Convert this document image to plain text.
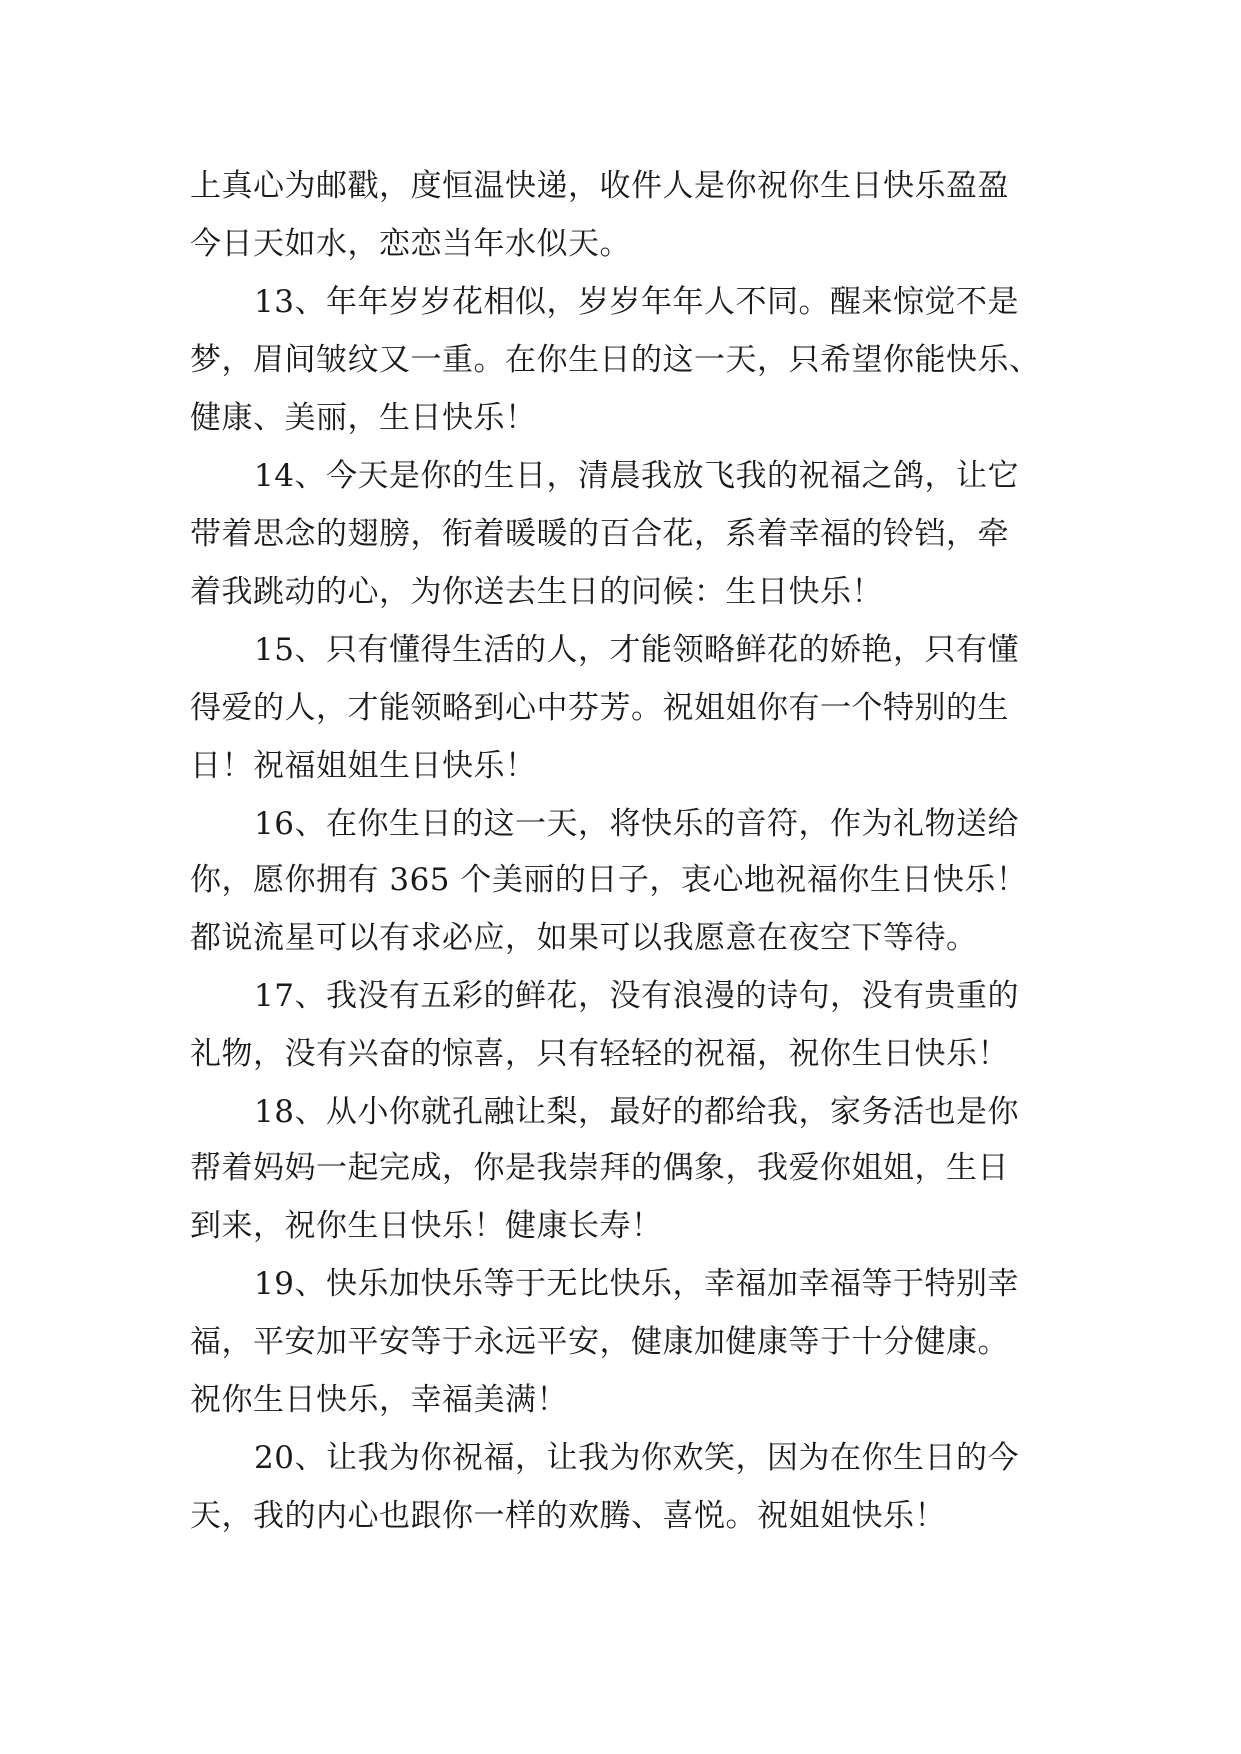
上真心为邮戳，度恒温快递，收件人是你祝你生日快乐盈盈
今日天如水，恋恋当年水似天。
13、年年岁岁花相似，岁岁年年人不同。醒来惊觉不是
梦，眉间皱纹又一重。在你生日的这一天，只希望你能快乐、
健康、美丽，生日快乐！
14、今天是你的生日，清晨我放飞我的祝福之鸽，让它
带着思念的翅膀，衔着暖暖的百合花，系着幸福的铃铛，牵
着我跳动的心，为你送去生日的问候：生日快乐！
15、只有懂得生活的人，才能领略鲜花的娇艳，只有懂
得爱的人，才能领略到心中芬芳。祝姐姐你有一个特别的生
日！祝福姐姐生日快乐！
16、在你生日的这一天，将快乐的音符，作为礼物送给
你，愿你拥有 365 个美丽的日子，衷心地祝福你生日快乐！
都说流星可以有求必应，如果可以我愿意在夜空下等待。
17、我没有五彩的鲜花，没有浪漫的诗句，没有贵重的
礼物，没有兴奋的惊喜，只有轻轻的祝福，祝你生日快乐！
18、从小你就孔融让梨，最好的都给我，家务活也是你
帮着妈妈一起完成，你是我崇拜的偶象，我爱你姐姐，生日
到来，祝你生日快乐！健康长寿！
19、快乐加快乐等于无比快乐，幸福加幸福等于特别幸
福，平安加平安等于永远平安，健康加健康等于十分健康。
祝你生日快乐，幸福美满！
20、让我为你祝福，让我为你欢笑，因为在你生日的今
天，我的内心也跟你一样的欢腾、喜悦。祝姐姐快乐！
